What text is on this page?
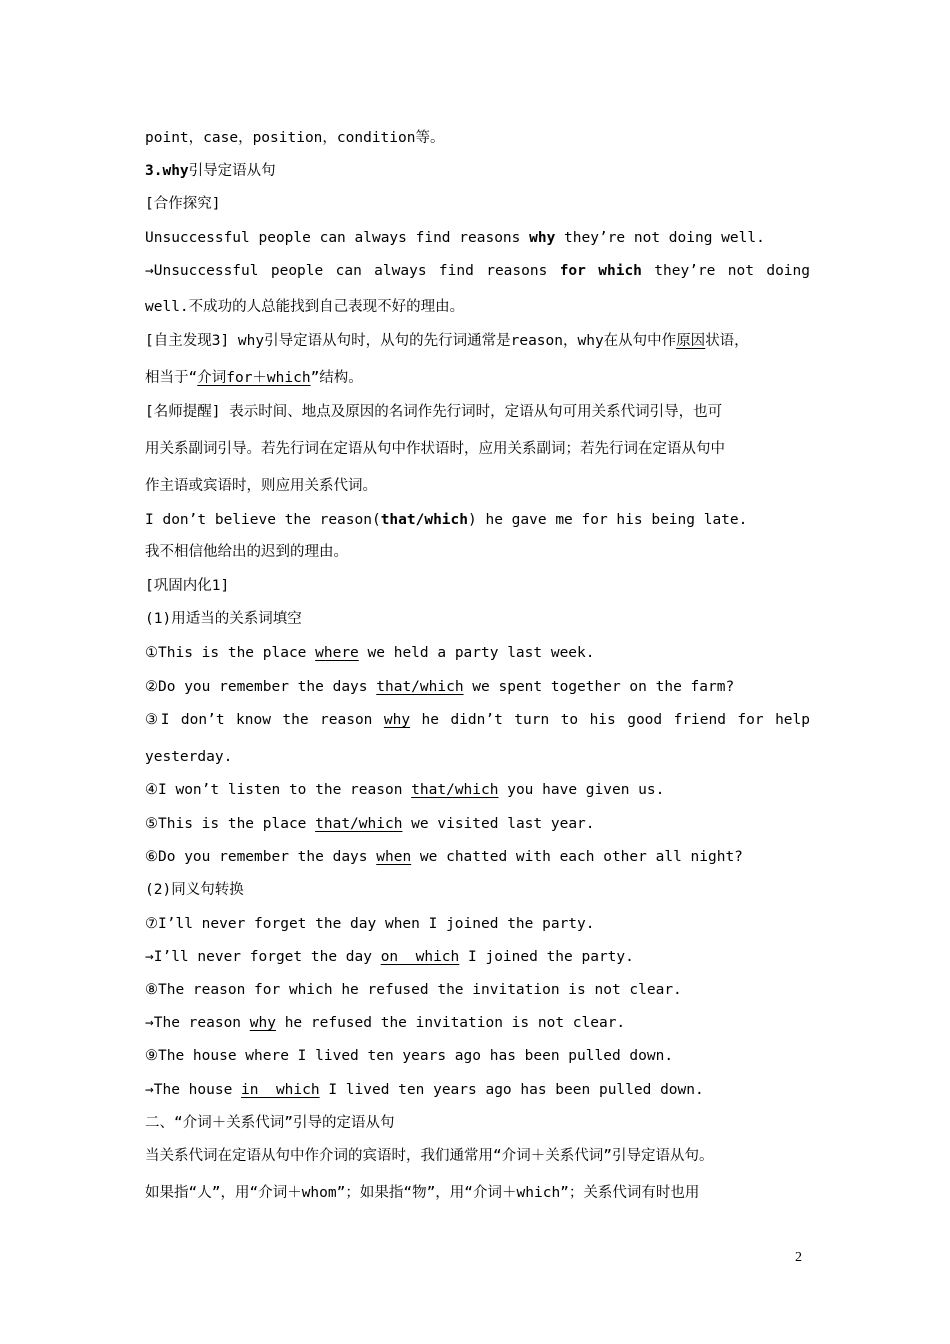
point，case，position，condition等。
3.why引导定语从句
[合作探究]
Unsuccessful people can always find reasons why they’re not doing well.
→Unsuccessful people can always find reasons for which they’re not doing
well.不成功的人总能找到自己表现不好的理由。
[自主发现3] why引导定语从句时，从句的先行词通常是reason，why在从句中作原因状语，
相当于“介词for＋which”结构。
[名师提醒] 表示时间、地点及原因的名词作先行词时，定语从句可用关系代词引导，也可
用关系副词引导。若先行词在定语从句中作状语时，应用关系副词；若先行词在定语从句中
作主语或宾语时，则应用关系代词。
I don’t believe the reason(that/which) he gave me for his being late.
我不相信他给出的迟到的理由。
[巩固内化1]
(1)用适当的关系词填空
①This is the place where we held a party last week.
②Do you remember the days that/which we spent together on the farm?
③I don’t know the reason why he didn’t turn to his good friend for help
yesterday.
④I won’t listen to the reason that/which you have given us.
⑤This is the place that/which we visited last year.
⑥Do you remember the days when we chatted with each other all night?
(2)同义句转换
⑦I’ll never forget the day when I joined the party.
→I’ll never forget the day on  which I joined the party.
⑧The reason for which he refused the invitation is not clear.
→The reason why he refused the invitation is not clear.
⑨The house where I lived ten years ago has been pulled down.
→The house in  which I lived ten years ago has been pulled down.
二、“介词＋关系代词”引导的定语从句
当关系代词在定语从句中作介词的宾语时，我们通常用“介词＋关系代词”引导定语从句。
如果指“人”，用“介词＋whom”；如果指“物”，用“介词＋which”；关系代词有时也用
2
